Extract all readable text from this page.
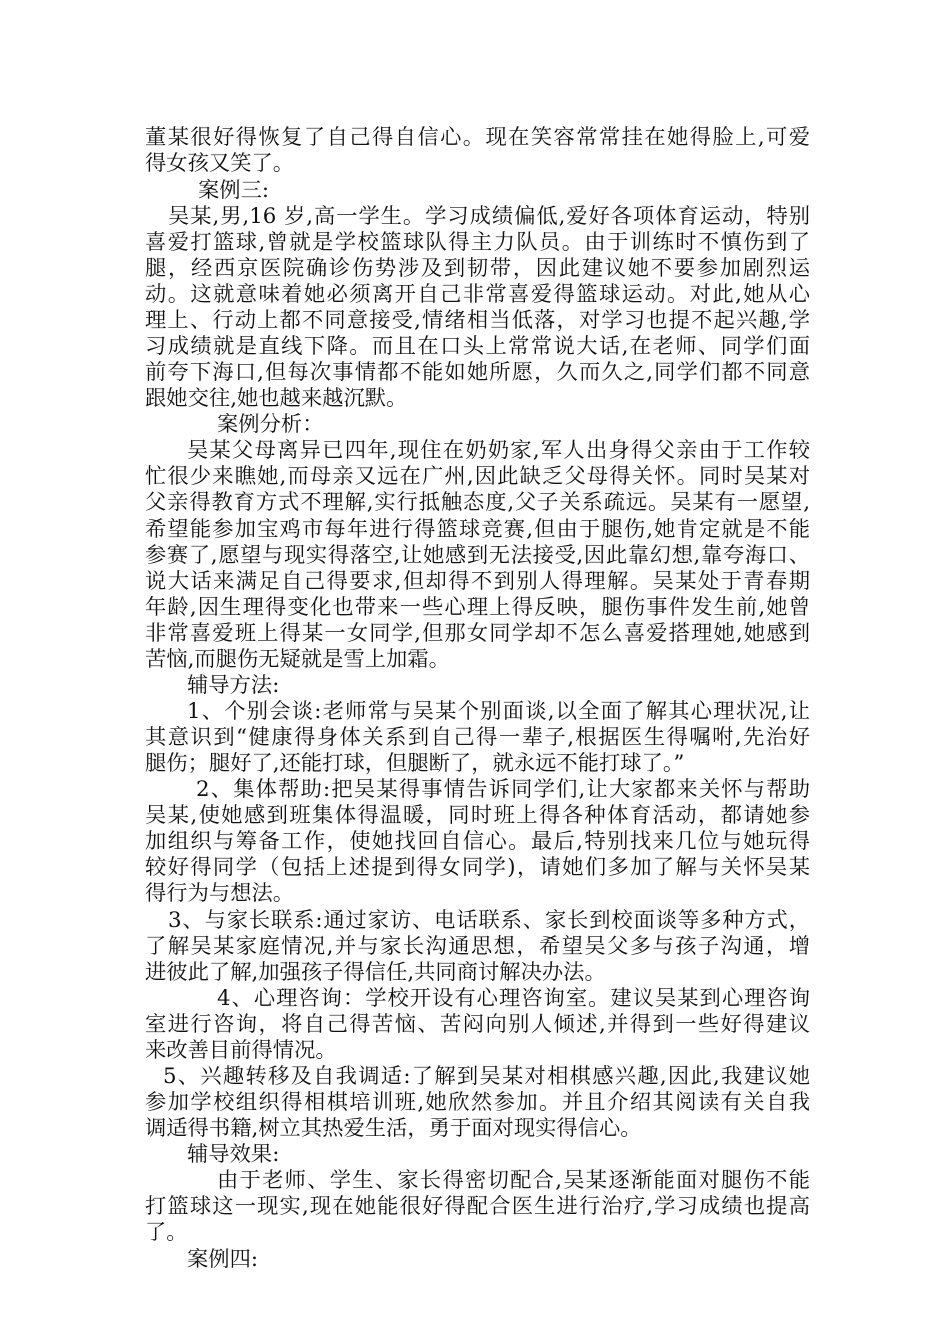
董某很好得恢复了自己得自信心。现在笑容常常挂在她得脸上,可爱
得女孩又笑了。
案例三:
吴某,男,16 岁,高一学生。学习成绩偏低,爱好各项体育运动，特别
喜爱打篮球,曾就是学校篮球队得主力队员。由于训练时不慎伤到了
腿，经西京医院确诊伤势涉及到韧带，因此建议她不要参加剧烈运
动。这就意味着她必须离开自己非常喜爱得篮球运动。对此,她从心
理上、行动上都不同意接受,情绪相当低落，对学习也提不起兴趣,学
习成绩就是直线下降。而且在口头上常常说大话,在老师、同学们面
前夸下海口,但每次事情都不能如她所愿，久而久之,同学们都不同意
跟她交往,她也越来越沉默。
案例分析：
吴某父母离异已四年,现住在奶奶家,军人出身得父亲由于工作较
忙很少来瞧她,而母亲又远在广州,因此缺乏父母得关怀。同时吴某对
父亲得教育方式不理解,实行抵触态度,父子关系疏远。吴某有一愿望,
希望能参加宝鸡市每年进行得篮球竞赛,但由于腿伤,她肯定就是不能
参赛了,愿望与现实得落空,让她感到无法接受,因此靠幻想,靠夸海口、
说大话来满足自己得要求,但却得不到别人得理解。吴某处于青春期
年龄,因生理得变化也带来一些心理上得反映，腿伤事件发生前,她曾
非常喜爱班上得某一女同学,但那女同学却不怎么喜爱搭理她,她感到
苦恼,而腿伤无疑就是雪上加霜。
辅导方法:
1、个别会谈:老师常与吴某个别面谈,以全面了解其心理状况,让
其意识到“健康得身体关系到自己得一辈子,根据医生得嘱咐,先治好
腿伤；腿好了,还能打球，但腿断了，就永远不能打球了。”
2、集体帮助:把吴某得事情告诉同学们,让大家都来关怀与帮助
吴某,使她感到班集体得温暖，同时班上得各种体育活动，都请她参
加组织与筹备工作，使她找回自信心。最后,特别找来几位与她玩得
较好得同学（包括上述提到得女同学)，请她们多加了解与关怀吴某
得行为与想法。
3、与家长联系:通过家访、电话联系、家长到校面谈等多种方式，
了解吴某家庭情况,并与家长沟通思想，希望吴父多与孩子沟通，增
进彼此了解,加强孩子得信任,共同商讨解决办法。
4、心理咨询：学校开设有心理咨询室。建议吴某到心理咨询
室进行咨询，将自己得苦恼、苦闷向别人倾述,并得到一些好得建议
来改善目前得情况。
5、兴趣转移及自我调适:了解到吴某对相棋感兴趣,因此,我建议她
参加学校组织得相棋培训班,她欣然参加。并且介绍其阅读有关自我
调适得书籍,树立其热爱生活，勇于面对现实得信心。
辅导效果:
由于老师、学生、家长得密切配合,吴某逐渐能面对腿伤不能
打篮球这一现实,现在她能很好得配合医生进行治疗,学习成绩也提高
了。
案例四:
